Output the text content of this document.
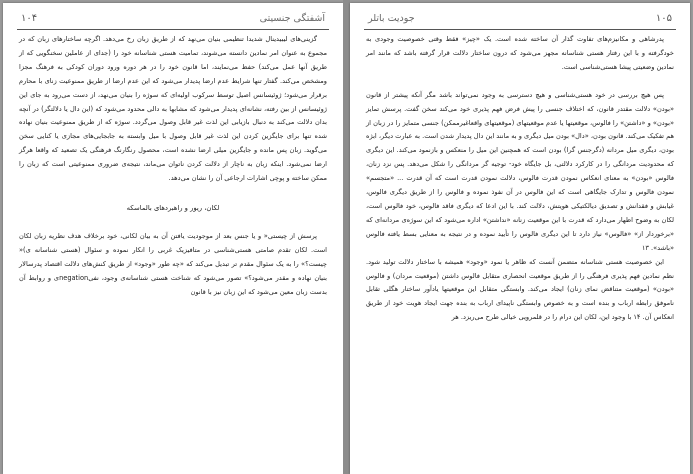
۱۰۴	آشفتگی جنسیتی

گزینی‌های لیبیدینال شدیدا تنظیمی بنیان می‌نهد که از طریق زبان رخ می‌دهد. اگرچه ساختارهای زبان که در مجموع به عنوان امر نمادین دانسته می‌شوند، تمامیت هستی شناسانه خود را (جدای از عاملین سخنگویی که از طریق آنها عمل می‌کند) حفظ می‌نمایند، اما قانون خود را در هر دوره ورود دوران کودکی به فرهنگ مجزا ومشخص می‌کند. گفتار تنها شرایط عدم ارضا پدیدار می‌شود که این عدم ارضا از طریق ممنوعیت زنای با محارم برقرار می‌شود؛ ژوئیسانس اصیل توسط سرکوب اولیه‌ای که سوژه را بنیان می‌نهد، از دست می‌رود به جای این ژوئیسانس از بین رفته، نشانه‌ای پدیدار می‌شود که مشابها به دالی محدود می‌شود که (این دال یا دلالتگر) در آنچه بدان دلالت می‌کند به دنبال بازیابی این لذت غیر قابل وصول می‌گردد. سوژه که از طریق ممنوعیت بنیان نهاده شده تنها برای جایگزین کردن این لذت غیر قابل وصول با میل وابسته به جابجایی‌های مجازی یا کنایی سخن می‌گوید. زبان پس مانده و جایگزین میلی ارضا نشده است، محصول رنگارنگ فرهنگی یک تصعید که واقعا هرگز ارضا نمی‌شود. اینکه زبان به ناچار از دلالت کردن ناتوان می‌ماند، نتیجه‌ی ضروری ممنوعیتی است که زبان را ممکن ساخته و پوچی اشارات ارجاعی آن را نشان می‌دهد.

لکان، ریور و راهبردهای بالماسکه

پرسش از چیستی« و یا جنس بعد از موجودیت یافتن آن به بیان لکانی، خود برخلاف هدف نظریه زبان لکان است. لکان تقدم صامتی هستی‌شناسی در متافیزیک غربی را انکار نموده و سئوال (هستی شناسانه ی)« چیست؟» را به یک سئوال مقدم تر تبدیل می‌کند که «چه طور «وجود» از طریق کنش‌های دلالت اقتصاد پدرسالار بنیان نهاده و مقدر می‌شود؟» تصور می‌شود که شناخت هستی شناسانه‌ی وجود، نفیnegationی و روابط آن بدست زبان معین می‌شود که این زبان نیز با قانون

۱۰۵
جودیت باتلر

پدرشاهی و مکانیزم‌های تفاوت گذار آن ساخته شده است. یک «چیز» فقط وقتی خصوصیت وجودی به خودگرفته و با این رفتار هستی شناسانه مجهز می‌شود که درون ساختار دلالت قرار گرفته باشد که مانند امر نمادین وضعیتی پیشا هستی‌شناسی است.

پس هیچ بررسی در خود هستی‌شناسی و هیچ دسترسی به وجود نمی‌تواند باشد مگر آنکه پیشتر از قانون «بودن» دلالت مقتدر قانون، که اختلاف جنسی را پیش فرض فهم پذیری خود می‌کند سخن گفت. پرسش تمایز «بودن» و «داشتن» را فالوس، موقعیتها یا عدم موقعیتهای (موقعیتهای واقعاغیرممکن) جنسی متمایز را در زبان از هم تفکیک می‌کند. قانون بودن، «دال» بودن میل دیگری و به مانند این دال پدیدار شدن است. به عبارت دیگر، ابژه بودن، دیگری میل مردانه (دگرجنس گرا) بودن است که همچنین این میل را منعکس و بازنمود می‌کند. این دیگری که محدودیت مردانگی را در کارکرد دلالتی، بل جایگاه خود- توجیه گر مردانگی را شکل می‌دهد. پس نزد زنان، فالوس «بودن» به معنای انعکاس نمودن قدرت فالوس، دلالت نمودن قدرت است که آن قدرت ... «متجسم» نمودن فالوس و تدارک جایگاهی است که این فالوس در آن نفوذ نموده و فالوس را از طریق دیگری فالوس، غیابش و فقدانش و تصدیق دیالکتیکی هویتش، دلالت کند. با این ادعا که دیگری فاقد فالوس، خود فالوس است، لکان به وضوح اظهار می‌دارد که قدرت با این موقعیت زنانه «نداشتن» اداره می‌شود که این سوژه‌ی مردانه‌ای که «برخوردار از» «فالوس» نیاز دارد تا این دیگری فالوس را تأیید نموده و در نتیجه به معنایی بسط یافته فالوس «باشد». ۱۳

این خصوصیت هستی شناسانه متضمن آنست که ظاهر یا نمود «وجود» همیشه با ساختار دلالت تولید شود. نظم نمادین فهم پذیری فرهنگی را از طریق موقعیت انحصاری متقابل فالوس داشتن (موقعیت مردان) و فالوس «بودن» (موقعیت متناقض نمای زنان) ایجاد می‌کند. وابستگی متقابل این موقعیتها یادآور ساختار هگلی تقابل ناموفق رابطه ارباب و بنده است و به خصوص وابستگی ناپیدای ارباب به بنده جهت ایجاد هویت خود از طریق انعکاس آن. ۱۴ با وجود این، لکان این درام را در قلمرویی خیالی طرح می‌ریزد. هر
